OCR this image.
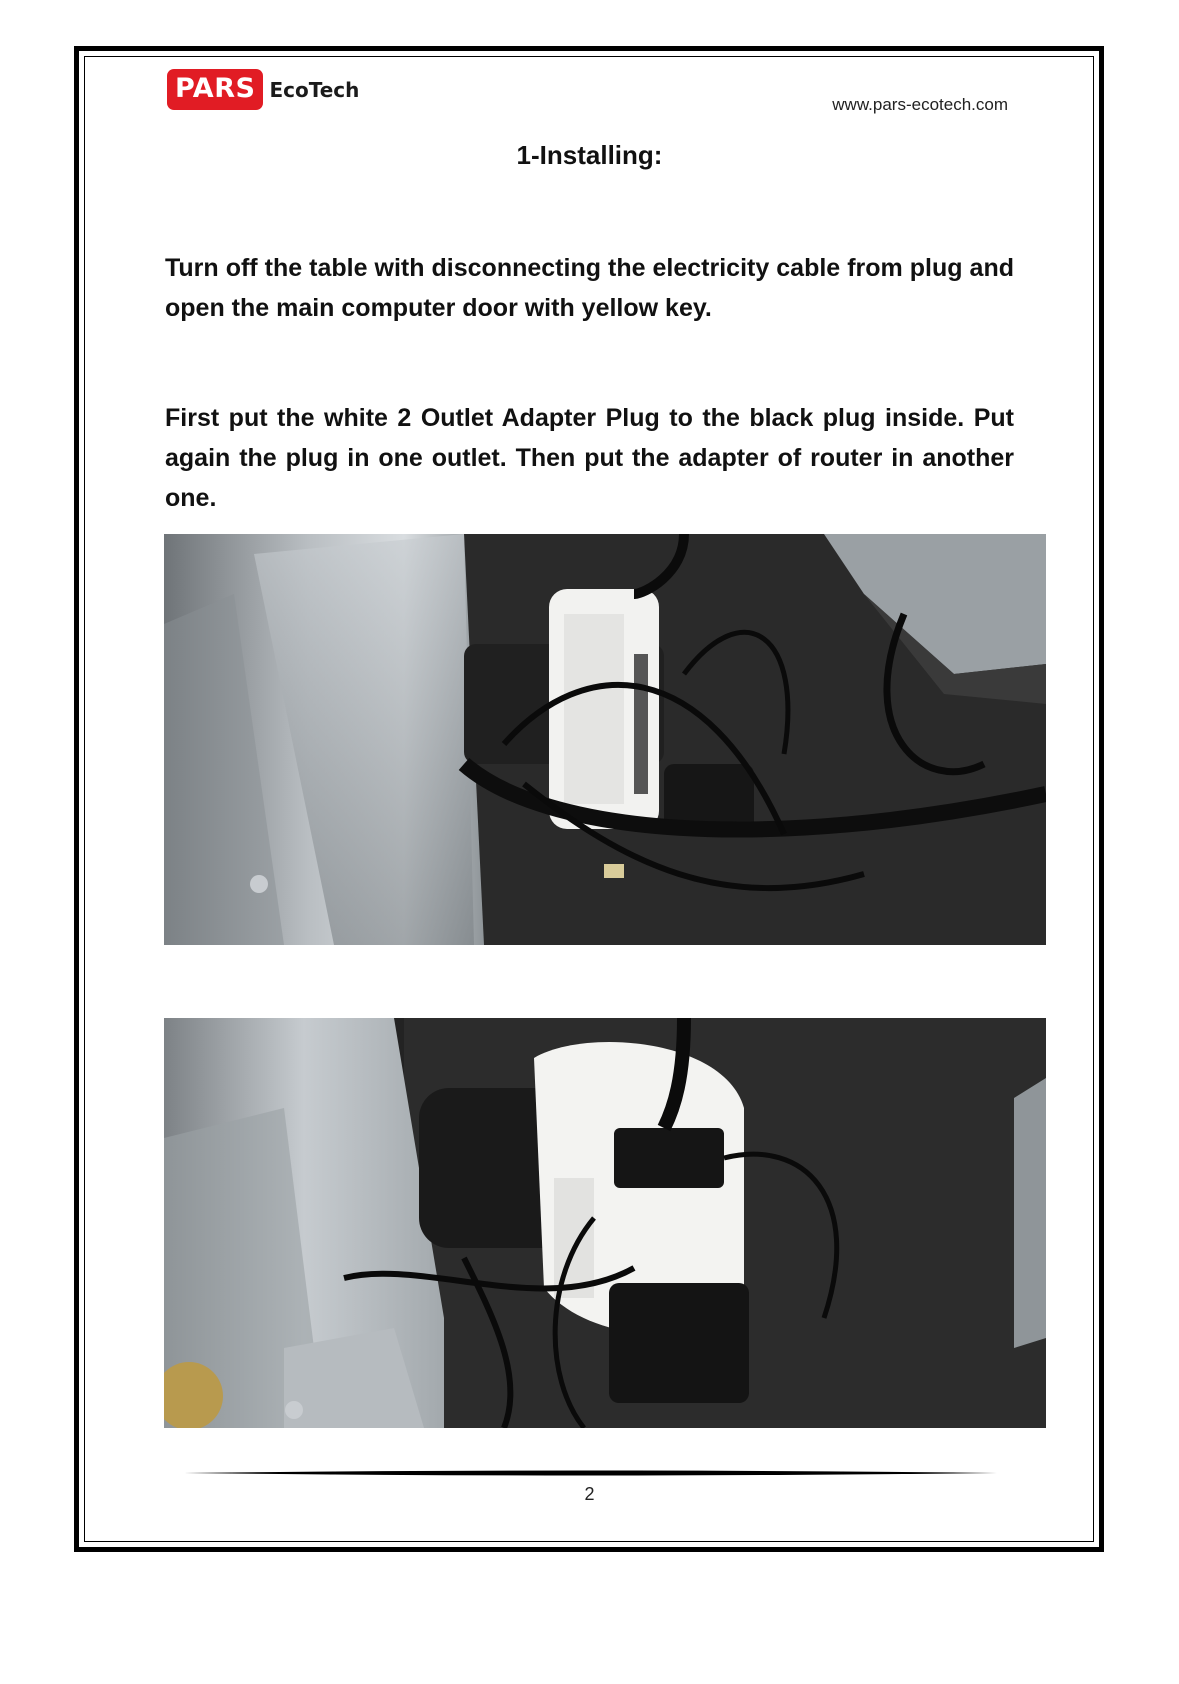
PARS EcoTech
www.pars-ecotech.com
1-Installing:

Turn off the table with disconnecting the electricity cable from plug and open the main computer door with yellow key.

First put the white 2 Outlet Adapter Plug to the black plug inside. Put again the plug in one outlet. Then put the adapter of router in another one.

2
